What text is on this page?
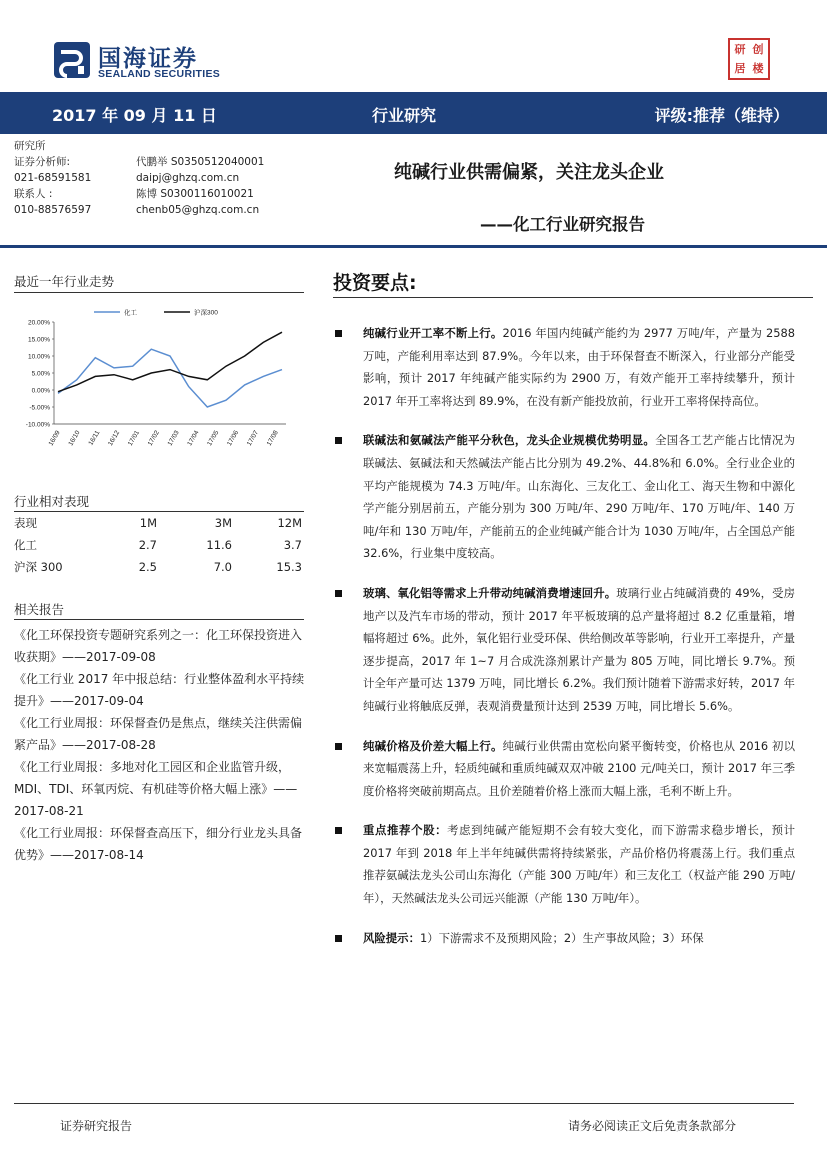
国海证券
SEALAND SECURITIES
研 创
居 楼
2017 年 09 月 11 日	行业研究	评级:推荐（维持）
研究所
证券分析师:	代鹏举 S0350512040001
021-68591581	daipj@ghzq.com.cn
联系人 :	陈博 S0300116010021
010-88576597	chenb05@ghzq.com.cn
纯碱行业供需偏紧，关注龙头企业
——化工行业研究报告
最近一年行业走势
20.00%
15.00%
10.00%
5.00%
0.00%
-5.00%
-10.00%
16/09 16/10 16/11 16/12 17/01 17/02 17/03 17/04 17/05 17/06 17/07 17/08
化工	沪深300
行业相对表现
表现	1M	3M	12M
化工	2.7	11.6	3.7
沪深 300	2.5	7.0	15.3
相关报告
《化工环保投资专题研究系列之一：化工环保投资进入收获期》——2017-09-08
《化工行业 2017 年中报总结：行业整体盈利水平持续提升》——2017-09-04
《化工行业周报：环保督查仍是焦点，继续关注供需偏紧产品》——2017-08-28
《化工行业周报：多地对化工园区和企业监管升级，MDI、TDI、环氧丙烷、有机硅等价格大幅上涨》——2017-08-21
《化工行业周报：环保督查高压下，细分行业龙头具备优势》——2017-08-14
投资要点:
纯碱行业开工率不断上行。2016 年国内纯碱产能约为 2977 万吨/年，产量为 2588 万吨，产能利用率达到 87.9%。今年以来，由于环保督查不断深入，行业部分产能受影响，预计 2017 年纯碱产能实际约为 2900 万，有效产能开工率持续攀升，预计 2017 年开工率将达到 89.9%，在没有新产能投放前，行业开工率将保持高位。
联碱法和氨碱法产能平分秋色，龙头企业规模优势明显。全国各工艺产能占比情况为联碱法、氨碱法和天然碱法产能占比分别为 49.2%、44.8%和 6.0%。全行业企业的平均产能规模为 74.3 万吨/年。山东海化、三友化工、金山化工、海天生物和中源化学产能分别居前五，产能分别为 300 万吨/年、290 万吨/年、170 万吨/年、140 万吨/年和 130 万吨/年，产能前五的企业纯碱产能合计为 1030 万吨/年，占全国总产能 32.6%，行业集中度较高。
玻璃、氧化铝等需求上升带动纯碱消费增速回升。玻璃行业占纯碱消费的 49%，受房地产以及汽车市场的带动，预计 2017 年平板玻璃的总产量将超过 8.2 亿重量箱，增幅将超过 6%。此外，氧化铝行业受环保、供给侧改革等影响，行业开工率提升，产量逐步提高，2017 年 1~7 月合成洗涤剂累计产量为 805 万吨，同比增长 9.7%。预计全年产量可达 1379 万吨，同比增长 6.2%。我们预计随着下游需求好转，2017 年纯碱行业将触底反弹，表观消费量预计达到 2539 万吨，同比增长 5.6%。
纯碱价格及价差大幅上行。纯碱行业供需由宽松向紧平衡转变，价格也从 2016 初以来宽幅震荡上升，轻质纯碱和重质纯碱双双冲破 2100 元/吨关口，预计 2017 年三季度价格将突破前期高点。且价差随着价格上涨而大幅上涨，毛利不断上升。
重点推荐个股：考虑到纯碱产能短期不会有较大变化，而下游需求稳步增长，预计 2017 年到 2018 年上半年纯碱供需将持续紧张，产品价格仍将震荡上行。我们重点推荐氨碱法龙头公司山东海化（产能 300 万吨/年）和三友化工（权益产能 290 万吨/年），天然碱法龙头公司远兴能源（产能 130 万吨/年）。
风险提示：1）下游需求不及预期风险；2）生产事故风险；3）环保
证券研究报告	请务必阅读正文后免责条款部分
